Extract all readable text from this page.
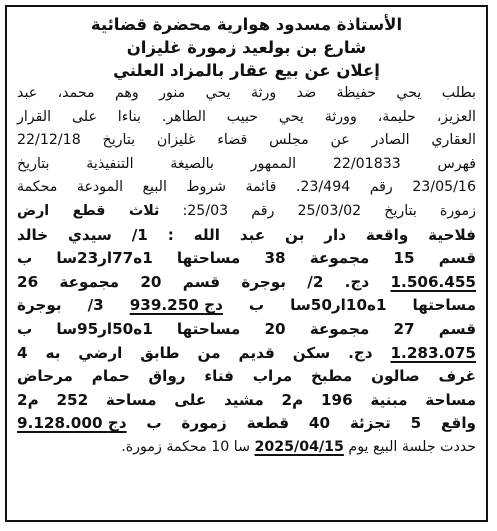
الأستاذة مسدود هوارية محضرة قضائية
شارع بن بولعيد زمورة غليزان
إعلان عن بيع عقار بالمزاد العلني
بطلب يحي حفيظة ضد ورثة يحي منور وهم محمد، عبد
العزيز، حليمة، وورثة يحي حبيب الطاهر. بناءا على القرار
العقاري الصادر عن مجلس قضاء غليزان بتاريخ 22/12/18
فهرس 22/01833 الممهور بالصيغة التنفيذية بتاريخ
23/05/16 رقم 23/494. قائمة شروط البيع المودعة محكمة
زمورة بتاريخ 25/03/02 رقم 25/03: ثلاث قطع ارض
فلاحية واقعة دار بن عبد الله : 1/ سيدي خالد
قسم 15 مجموعة 38 مساحتها 1ه77ار23سا ب
1.506.455 دج. 2/ بوجرة قسم 20 مجموعة 26
مساحتها 1ه10ار50سا ب 939.250 دج 3/ بوجرة
قسم 27 مجموعة 20 مساحتها 1ه50ار95سا ب
1.283.075 دج. سكن قديم من طابق ارضي به 4
غرف صالون مطبخ مراب فناء رواق حمام مرحاض
مساحة مبنية 196 م2 مشيد على مساحة 252 م2
واقع 5 تجزئة 40 قطعة زمورة ب 9.128.000 دج
حددت جلسة البيع يوم 2025/04/15 سا 10 محكمة زمورة.
